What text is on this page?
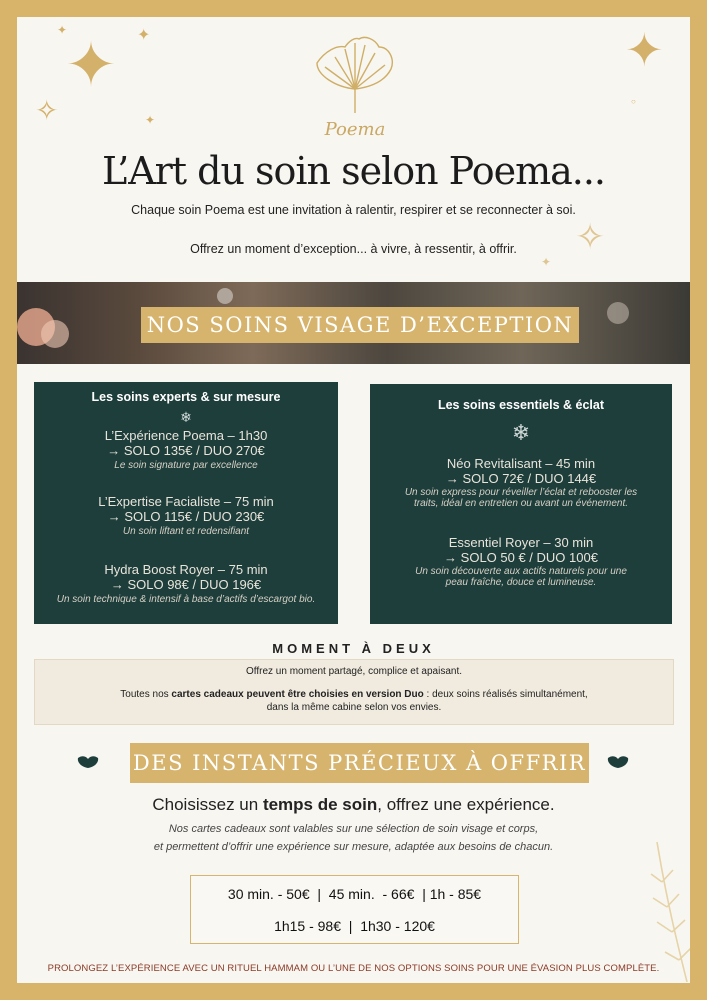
✦
✧
✦	✦
✦
✦
○
✧
✦
Poema
L’Art du soin selon Poema...
Chaque soin Poema est une invitation à ralentir, respirer et se reconnecter à soi.
Offrez un moment d’exception... à vivre, à ressentir, à offrir.
NOS SOINS VISAGE D’EXCEPTION
Les soins experts & sur mesure
❄
L’Expérience Poema – 1h30
→ SOLO 135€ / DUO 270€
Le soin signature par excellence
L’Expertise Facialiste – 75 min
→ SOLO 115€ / DUO 230€
Un soin liftant et redensifiant
Hydra Boost Royer – 75 min
→ SOLO 98€ / DUO 196€
Un soin technique & intensif à base d’actifs d’escargot bio.
Les soins essentiels & éclat
❄
Néo Revitalisant – 45 min
→ SOLO 72€ / DUO 144€
Un soin express pour réveiller l’éclat et rebooster les
traits, idéal en entretien ou avant un événement.
Essentiel Royer – 30 min
→ SOLO 50 € / DUO 100€
Un soin découverte aux actifs naturels pour une
peau fraîche, douce et lumineuse.
MOMENT À DEUX
Offrez un moment partagé, complice et apaisant.
Toutes nos cartes cadeaux peuvent être choisies en version Duo : deux soins réalisés simultanément,
dans la même cabine selon vos envies.
DES INSTANTS PRÉCIEUX À OFFRIR
Choisissez un temps de soin, offrez une expérience.
Nos cartes cadeaux sont valables sur une sélection de soin visage et corps,
et permettent d’offrir une expérience sur mesure, adaptée aux besoins de chacun.
30 min. - 50€  |  45 min.  - 66€  | 1h - 85€
1h15 - 98€  |  1h30 - 120€
PROLONGEZ L’EXPÉRIENCE AVEC UN RITUEL HAMMAM OU L’UNE DE NOS OPTIONS SOINS POUR UNE ÉVASION PLUS COMPLÈTE.
